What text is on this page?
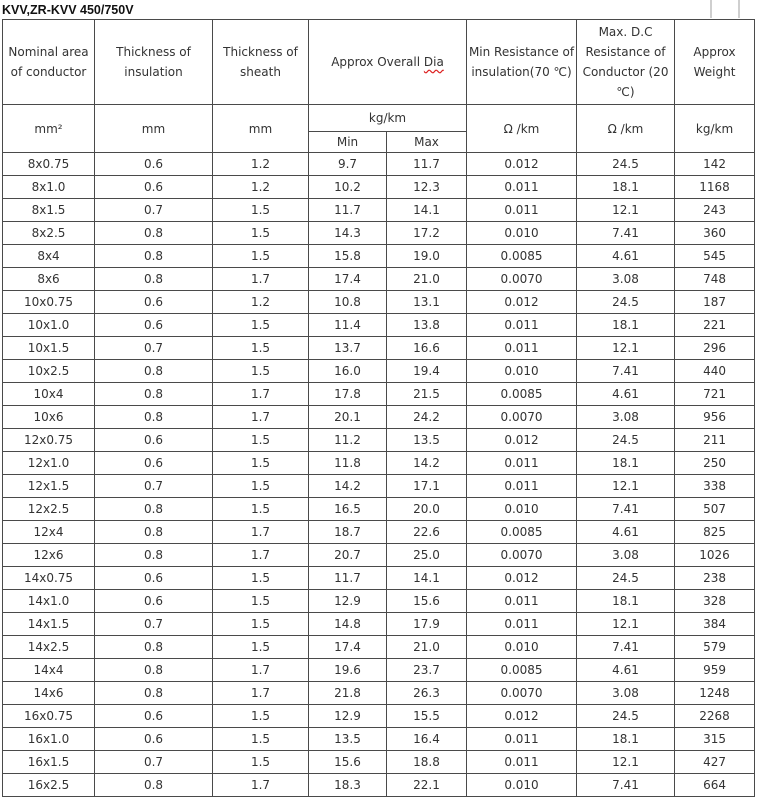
KVV,ZR-KVV 450/750V
Nominal area of conductor	Thickness of insulation	Thickness of sheath	Approx Overall Dia		Min Resistance of insulation(70 ℃)	Max. D.C Resistance of Conductor (20 ℃)	Approx Weight
mm²	mm	mm	kg/km		Ω /km	Ω /km	kg/km
			Min	Max			
8x0.75	0.6	1.2	9.7	11.7	0.012	24.5	142
8x1.0	0.6	1.2	10.2	12.3	0.011	18.1	1168
8x1.5	0.7	1.5	11.7	14.1	0.011	12.1	243
8x2.5	0.8	1.5	14.3	17.2	0.010	7.41	360
8x4	0.8	1.5	15.8	19.0	0.0085	4.61	545
8x6	0.8	1.7	17.4	21.0	0.0070	3.08	748
10x0.75	0.6	1.2	10.8	13.1	0.012	24.5	187
10x1.0	0.6	1.5	11.4	13.8	0.011	18.1	221
10x1.5	0.7	1.5	13.7	16.6	0.011	12.1	296
10x2.5	0.8	1.5	16.0	19.4	0.010	7.41	440
10x4	0.8	1.7	17.8	21.5	0.0085	4.61	721
10x6	0.8	1.7	20.1	24.2	0.0070	3.08	956
12x0.75	0.6	1.5	11.2	13.5	0.012	24.5	211
12x1.0	0.6	1.5	11.8	14.2	0.011	18.1	250
12x1.5	0.7	1.5	14.2	17.1	0.011	12.1	338
12x2.5	0.8	1.5	16.5	20.0	0.010	7.41	507
12x4	0.8	1.7	18.7	22.6	0.0085	4.61	825
12x6	0.8	1.7	20.7	25.0	0.0070	3.08	1026
14x0.75	0.6	1.5	11.7	14.1	0.012	24.5	238
14x1.0	0.6	1.5	12.9	15.6	0.011	18.1	328
14x1.5	0.7	1.5	14.8	17.9	0.011	12.1	384
14x2.5	0.8	1.5	17.4	21.0	0.010	7.41	579
14x4	0.8	1.7	19.6	23.7	0.0085	4.61	959
14x6	0.8	1.7	21.8	26.3	0.0070	3.08	1248
16x0.75	0.6	1.5	12.9	15.5	0.012	24.5	2268
16x1.0	0.6	1.5	13.5	16.4	0.011	18.1	315
16x1.5	0.7	1.5	15.6	18.8	0.011	12.1	427
16x2.5	0.8	1.7	18.3	22.1	0.010	7.41	664
